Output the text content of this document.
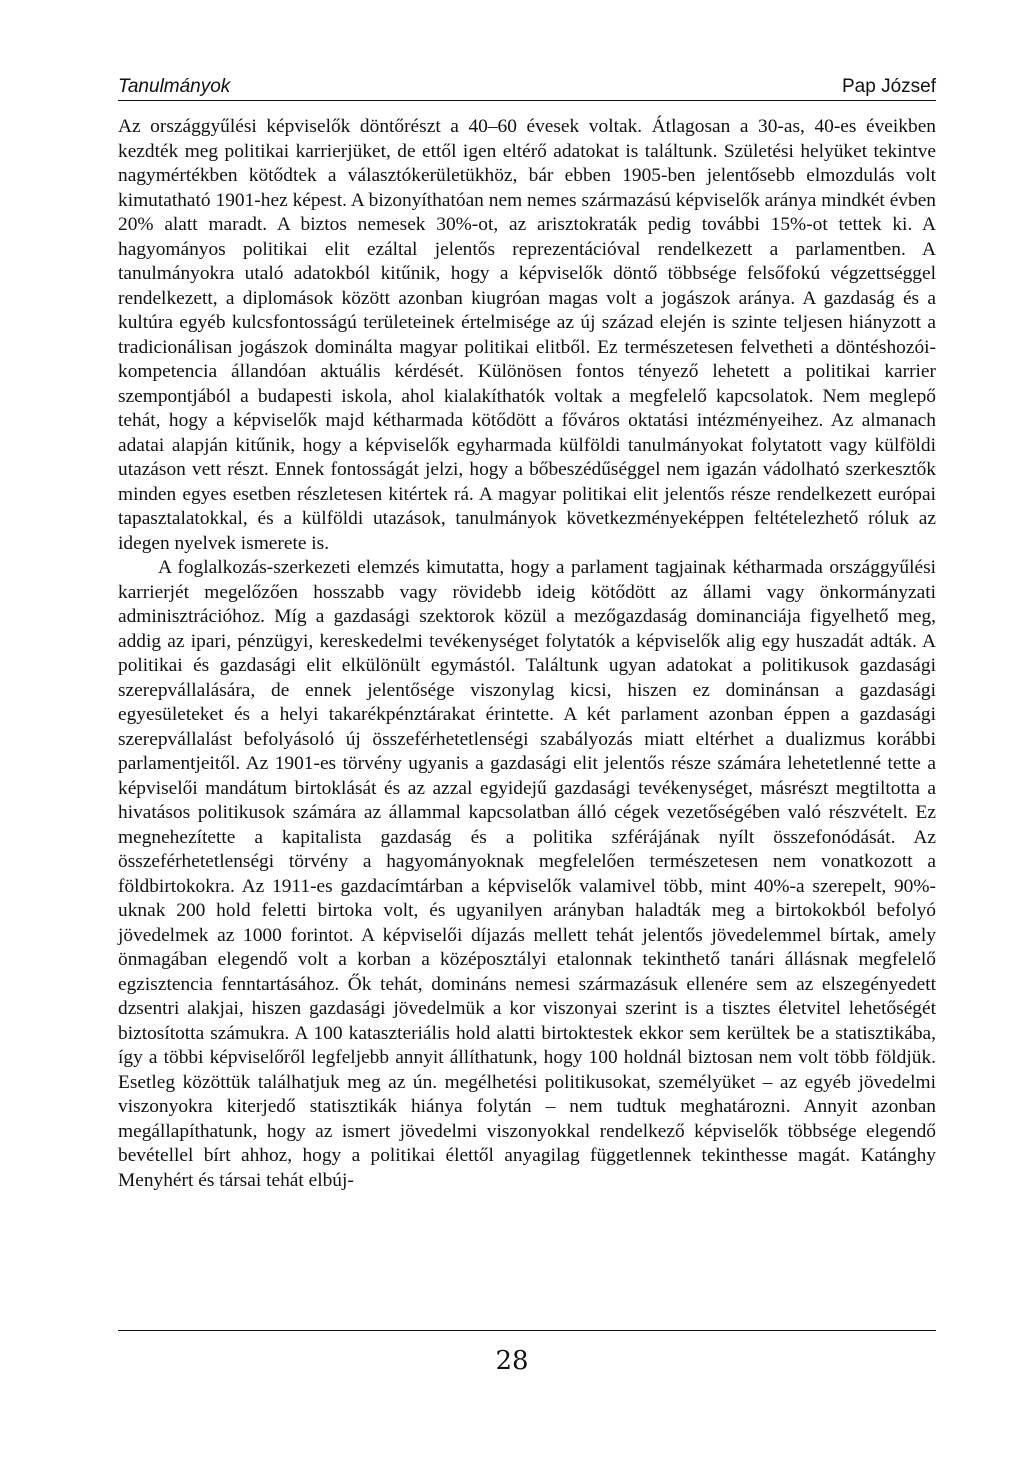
Tanulmányok	Pap József

Az országgyűlési képviselők döntőrészt a 40–60 évesek voltak. Átlagosan a 30-as, 40-es éveikben kezdték meg politikai karrierjüket, de ettől igen eltérő adatokat is találtunk. Születési helyüket tekintve nagymértékben kötődtek a választókerületükhöz, bár ebben 1905-ben jelentősebb elmozdulás volt kimutatható 1901-hez képest. A bizonyíthatóan nem nemes származású képviselők aránya mindkét évben 20% alatt maradt. A biztos nemesek 30%-ot, az arisztokraták pedig további 15%-ot tettek ki. A hagyományos politikai elit ezáltal jelentős reprezentációval rendelkezett a parlamentben. A tanulmányokra utaló adatokból kitűnik, hogy a képviselők döntő többsége felsőfokú végzettséggel rendelkezett, a diplomások között azonban kiugróan magas volt a jogászok aránya. A gazdaság és a kultúra egyéb kulcsfontosságú területeinek értelmisége az új század elején is szinte teljesen hiányzott a tradicionálisan jogászok dominálta magyar politikai elitből. Ez természetesen felvetheti a döntéshozói-kompetencia állandóan aktuális kérdését. Különösen fontos tényező lehetett a politikai karrier szempontjából a budapesti iskola, ahol kialakíthatók voltak a megfelelő kapcsolatok. Nem meglepő tehát, hogy a képviselők majd kétharmada kötődött a főváros oktatási intézményeihez. Az almanach adatai alapján kitűnik, hogy a képviselők egyharmada külföldi tanulmányokat folytatott vagy külföldi utazáson vett részt. Ennek fontosságát jelzi, hogy a bőbeszédűséggel nem igazán vádolható szerkesztők minden egyes esetben részletesen kitértek rá. A magyar politikai elit jelentős része rendelkezett európai tapasztalatokkal, és a külföldi utazások, tanulmányok következményeképpen feltételezhető róluk az idegen nyelvek ismerete is.

A foglalkozás-szerkezeti elemzés kimutatta, hogy a parlament tagjainak kétharmada országgyűlési karrierjét megelőzően hosszabb vagy rövidebb ideig kötődött az állami vagy önkormányzati adminisztrációhoz. Míg a gazdasági szektorok közül a mezőgazdaság dominanciája figyelhető meg, addig az ipari, pénzügyi, kereskedelmi tevékenységet folytatók a képviselők alig egy huszadát adták. A politikai és gazdasági elit elkülönült egymástól. Találtunk ugyan adatokat a politikusok gazdasági szerepvállalására, de ennek jelentősége viszonylag kicsi, hiszen ez dominánsan a gazdasági egyesületeket és a helyi takarékpénztárakat érintette. A két parlament azonban éppen a gazdasági szerepvállalást befolyásoló új összeférhetetlenségi szabályozás miatt eltérhet a dualizmus korábbi parlamentjeitől. Az 1901-es törvény ugyanis a gazdasági elit jelentős része számára lehetetlenné tette a képviselői mandátum birtoklását és az azzal egyidejű gazdasági tevékenységet, másrészt megtiltotta a hivatásos politikusok számára az állammal kapcsolatban álló cégek vezetőségében való részvételt. Ez megnehezítette a kapitalista gazdaság és a politika szférájának nyílt összefonódását. Az összeférhetetlenségi törvény a hagyományoknak megfelelően természetesen nem vonatkozott a földbirtokokra. Az 1911-es gazdacímtárban a képviselők valamivel több, mint 40%-a szerepelt, 90%-uknak 200 hold feletti birtoka volt, és ugyanilyen arányban haladták meg a birtokokból befolyó jövedelmek az 1000 forintot. A képviselői díjazás mellett tehát jelentős jövedelemmel bírtak, amely önmagában elegendő volt a korban a középosztályi etalonnak tekinthető tanári állásnak megfelelő egzisztencia fenntartásához. Ők tehát, domináns nemesi származásuk ellenére sem az elszegényedett dzsentri alakjai, hiszen gazdasági jövedelmük a kor viszonyai szerint is a tisztes életvitel lehetőségét biztosította számukra. A 100 kataszteriális hold alatti birtoktestek ekkor sem kerültek be a statisztikába, így a többi képviselőről legfeljebb annyit állíthatunk, hogy 100 holdnál biztosan nem volt több földjük. Esetleg közöttük találhatjuk meg az ún. megélhetési politikusokat, személyüket – az egyéb jövedelmi viszonyokra kiterjedő statisztikák hiánya folytán – nem tudtuk meghatározni. Annyit azonban megállapíthatunk, hogy az ismert jövedelmi viszonyokkal rendelkező képviselők többsége elegendő bevétellel bírt ahhoz, hogy a politikai élettől anyagilag függetlennek tekinthesse magát. Katánghy Menyhért és társai tehát elbúj-

28
